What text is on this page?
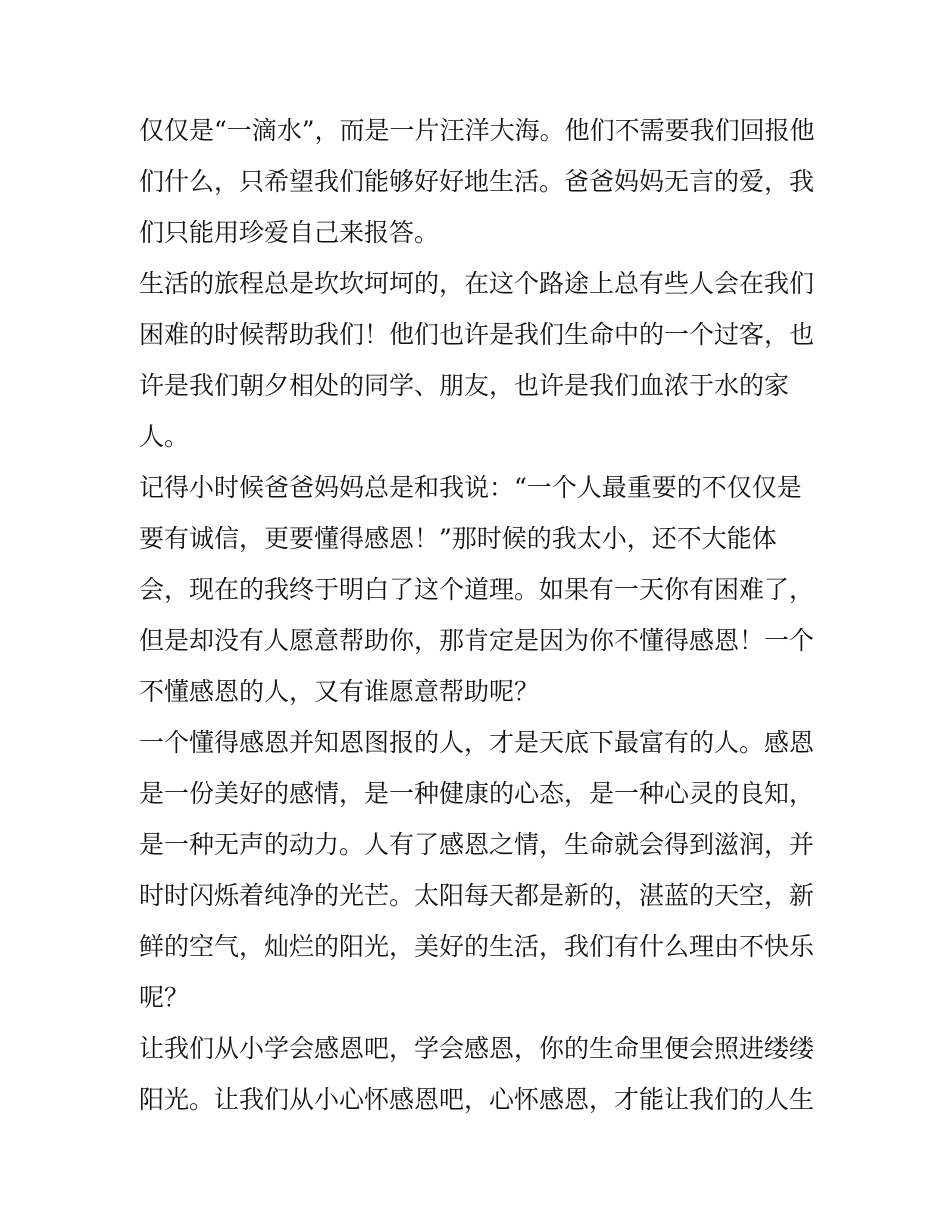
仅仅是“一滴水”，而是一片汪洋大海。他们不需要我们回报他
们什么，只希望我们能够好好地生活。爸爸妈妈无言的爱，我
们只能用珍爱自己来报答。
生活的旅程总是坎坎坷坷的，在这个路途上总有些人会在我们
困难的时候帮助我们！他们也许是我们生命中的一个过客，也
许是我们朝夕相处的同学、朋友，也许是我们血浓于水的家
人。
记得小时候爸爸妈妈总是和我说：“一个人最重要的不仅仅是
要有诚信，更要懂得感恩！”那时候的我太小，还不大能体
会，现在的我终于明白了这个道理。如果有一天你有困难了，
但是却没有人愿意帮助你，那肯定是因为你不懂得感恩！一个
不懂感恩的人，又有谁愿意帮助呢？
一个懂得感恩并知恩图报的人，才是天底下最富有的人。感恩
是一份美好的感情，是一种健康的心态，是一种心灵的良知，
是一种无声的动力。人有了感恩之情，生命就会得到滋润，并
时时闪烁着纯净的光芒。太阳每天都是新的，湛蓝的天空，新
鲜的空气，灿烂的阳光，美好的生活，我们有什么理由不快乐
呢？
让我们从小学会感恩吧，学会感恩，你的生命里便会照进缕缕
阳光。让我们从小心怀感恩吧，心怀感恩，才能让我们的人生
